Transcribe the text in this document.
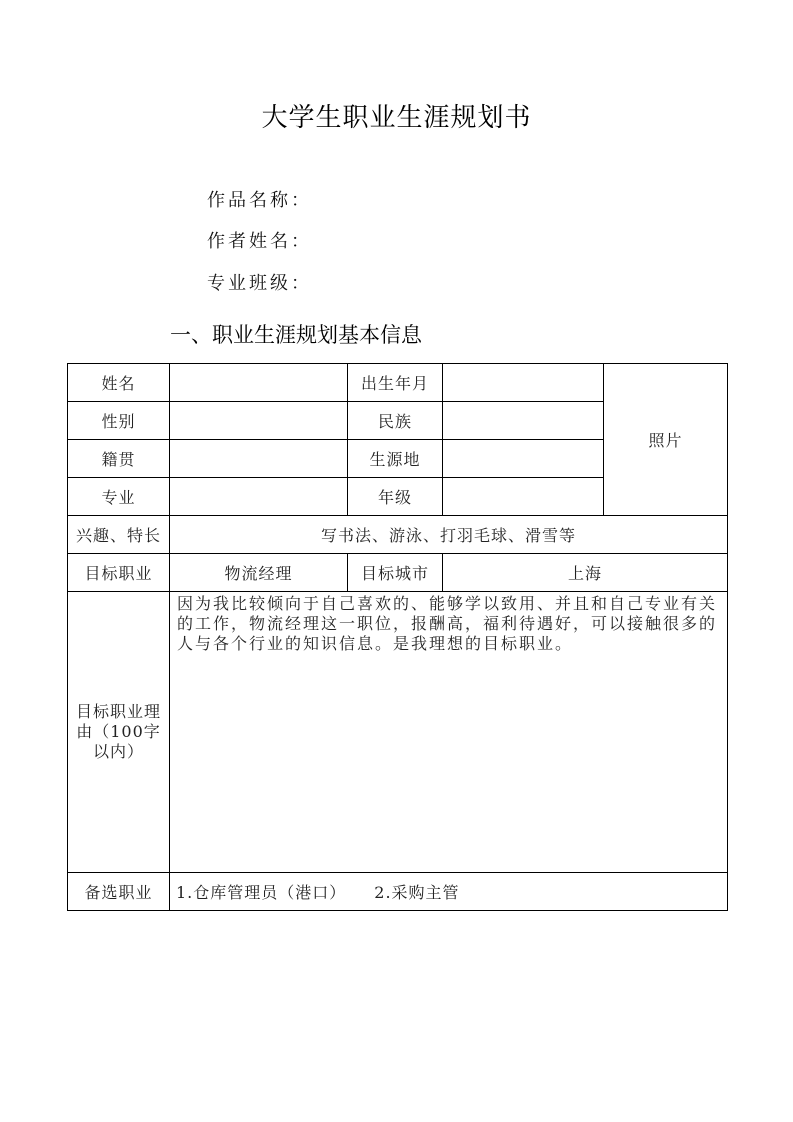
大学生职业生涯规划书
作品名称：
作者姓名：
专业班级：
一、职业生涯规划基本信息
姓名		出生年月		照片
性别		民族		
籍贯		生源地		
专业		年级		
兴趣、特长	写书法、游泳、打羽毛球、滑雪等			
目标职业	物流经理	目标城市	上海	
目标职业理由（100字以内）	因为我比较倾向于自己喜欢的、能够学以致用、并且和自己专业有关的工作，物流经理这一职位，报酬高，福利待遇好，可以接触很多的人与各个行业的知识信息。是我理想的目标职业。			
备选职业	1.仓库管理员（港口） 2.采购主管			
